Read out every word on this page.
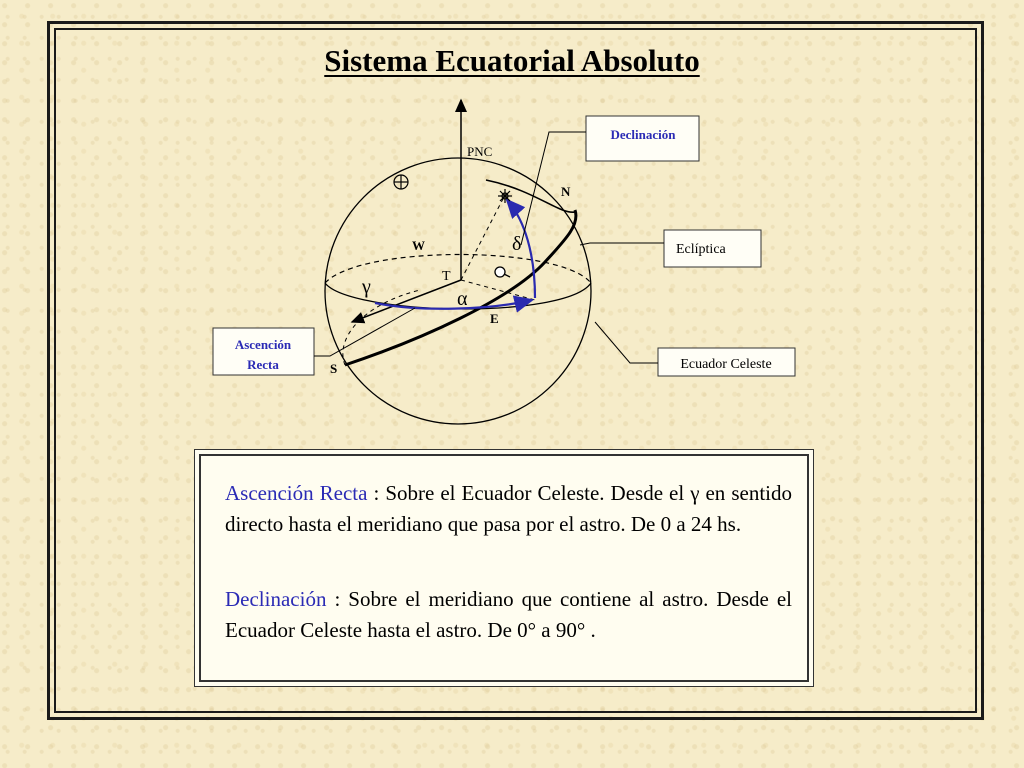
Sistema Ecuatorial Absoluto
PNC
N
W
T
E
S
δ
γ
α
Declinación
Eclíptica
Ascención
Recta	Ecuador Celeste
Ascención Recta : Sobre el Ecuador Celeste. Desde el γ en sentido directo hasta el meridiano que pasa por el astro. De 0 a 24 hs.
Declinación : Sobre el meridiano que contiene al astro. Desde el Ecuador Celeste hasta el astro. De 0° a 90° .
